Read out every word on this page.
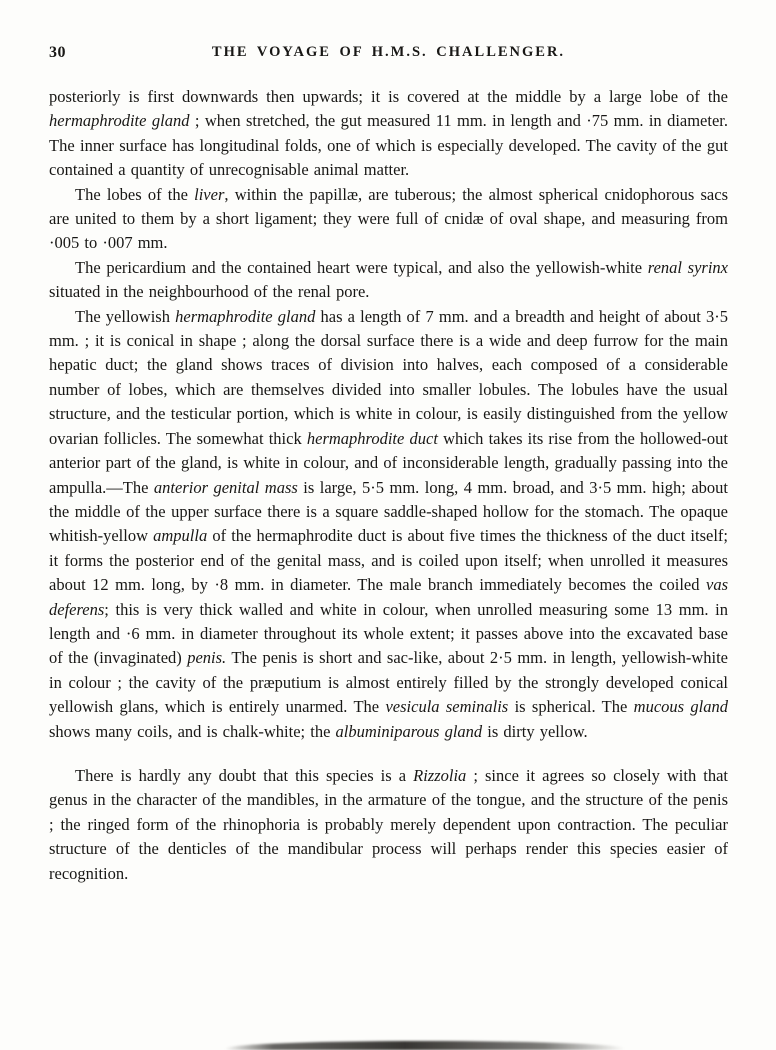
30	THE VOYAGE OF H.M.S. CHALLENGER.

posteriorly is first downwards then upwards; it is covered at the middle by a large lobe of the hermaphrodite gland ; when stretched, the gut measured 11 mm. in length and ·75 mm. in diameter. The inner surface has longitudinal folds, one of which is especially developed. The cavity of the gut contained a quantity of unrecognisable animal matter.

The lobes of the liver, within the papillæ, are tuberous; the almost spherical cnidophorous sacs are united to them by a short ligament; they were full of cnidæ of oval shape, and measuring from ·005 to ·007 mm.

The pericardium and the contained heart were typical, and also the yellowish-white renal syrinx situated in the neighbourhood of the renal pore.

The yellowish hermaphrodite gland has a length of 7 mm. and a breadth and height of about 3·5 mm. ; it is conical in shape ; along the dorsal surface there is a wide and deep furrow for the main hepatic duct; the gland shows traces of division into halves, each composed of a considerable number of lobes, which are themselves divided into smaller lobules. The lobules have the usual structure, and the testicular portion, which is white in colour, is easily distinguished from the yellow ovarian follicles. The somewhat thick hermaphrodite duct which takes its rise from the hollowed-out anterior part of the gland, is white in colour, and of inconsiderable length, gradually passing into the ampulla.—The anterior genital mass is large, 5·5 mm. long, 4 mm. broad, and 3·5 mm. high; about the middle of the upper surface there is a square saddle-shaped hollow for the stomach. The opaque whitish-yellow ampulla of the hermaphrodite duct is about five times the thickness of the duct itself; it forms the posterior end of the genital mass, and is coiled upon itself; when unrolled it measures about 12 mm. long, by ·8 mm. in diameter. The male branch immediately becomes the coiled vas deferens; this is very thick walled and white in colour, when unrolled measuring some 13 mm. in length and ·6 mm. in diameter throughout its whole extent; it passes above into the excavated base of the (invaginated) penis. The penis is short and sac-like, about 2·5 mm. in length, yellowish-white in colour ; the cavity of the præputium is almost entirely filled by the strongly developed conical yellowish glans, which is entirely unarmed. The vesicula seminalis is spherical. The mucous gland shows many coils, and is chalk-white; the albuminiparous gland is dirty yellow.

There is hardly any doubt that this species is a Rizzolia ; since it agrees so closely with that genus in the character of the mandibles, in the armature of the tongue, and the structure of the penis ; the ringed form of the rhinophoria is probably merely dependent upon contraction. The peculiar structure of the denticles of the mandibular process will perhaps render this species easier of recognition.
